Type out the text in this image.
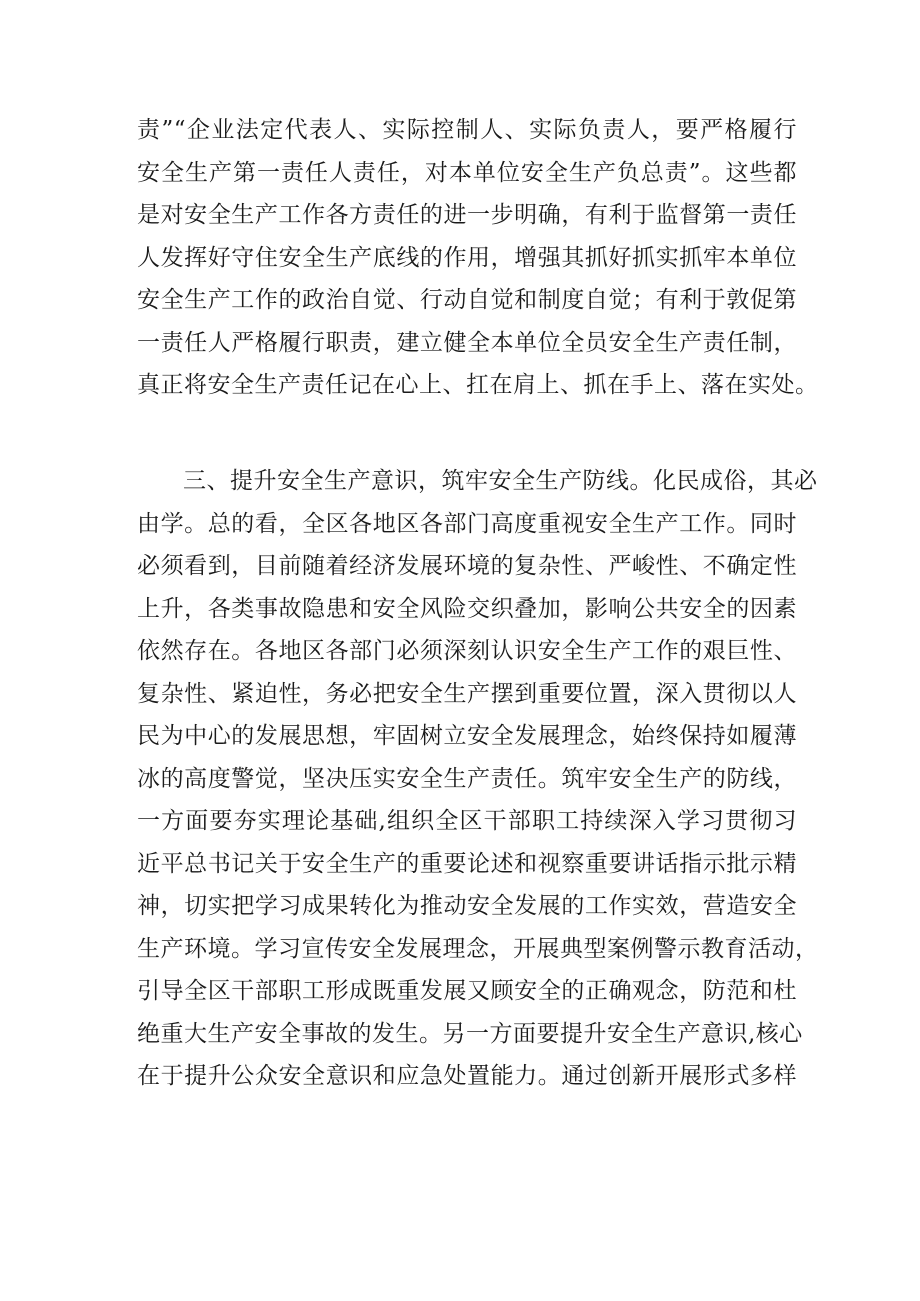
责”“企业法定代表人、实际控制人、实际负责人，要严格履行
安全生产第一责任人责任，对本单位安全生产负总责”。这些都
是对安全生产工作各方责任的进一步明确，有利于监督第一责任
人发挥好守住安全生产底线的作用，增强其抓好抓实抓牢本单位
安全生产工作的政治自觉、行动自觉和制度自觉；有利于敦促第
一责任人严格履行职责，建立健全本单位全员安全生产责任制，
真正将安全生产责任记在心上、扛在肩上、抓在手上、落在实处。
三、提升安全生产意识，筑牢安全生产防线。化民成俗，其必
由学。总的看，全区各地区各部门高度重视安全生产工作。同时
必须看到，目前随着经济发展环境的复杂性、严峻性、不确定性
上升，各类事故隐患和安全风险交织叠加，影响公共安全的因素
依然存在。各地区各部门必须深刻认识安全生产工作的艰巨性、
复杂性、紧迫性，务必把安全生产摆到重要位置，深入贯彻以人
民为中心的发展思想，牢固树立安全发展理念，始终保持如履薄
冰的高度警觉，坚决压实安全生产责任。筑牢安全生产的防线，
一方面要夯实理论基础,组织全区干部职工持续深入学习贯彻习
近平总书记关于安全生产的重要论述和视察重要讲话指示批示精
神，切实把学习成果转化为推动安全发展的工作实效，营造安全
生产环境。学习宣传安全发展理念，开展典型案例警示教育活动，
引导全区干部职工形成既重发展又顾安全的正确观念，防范和杜
绝重大生产安全事故的发生。另一方面要提升安全生产意识,核心
在于提升公众安全意识和应急处置能力。通过创新开展形式多样
